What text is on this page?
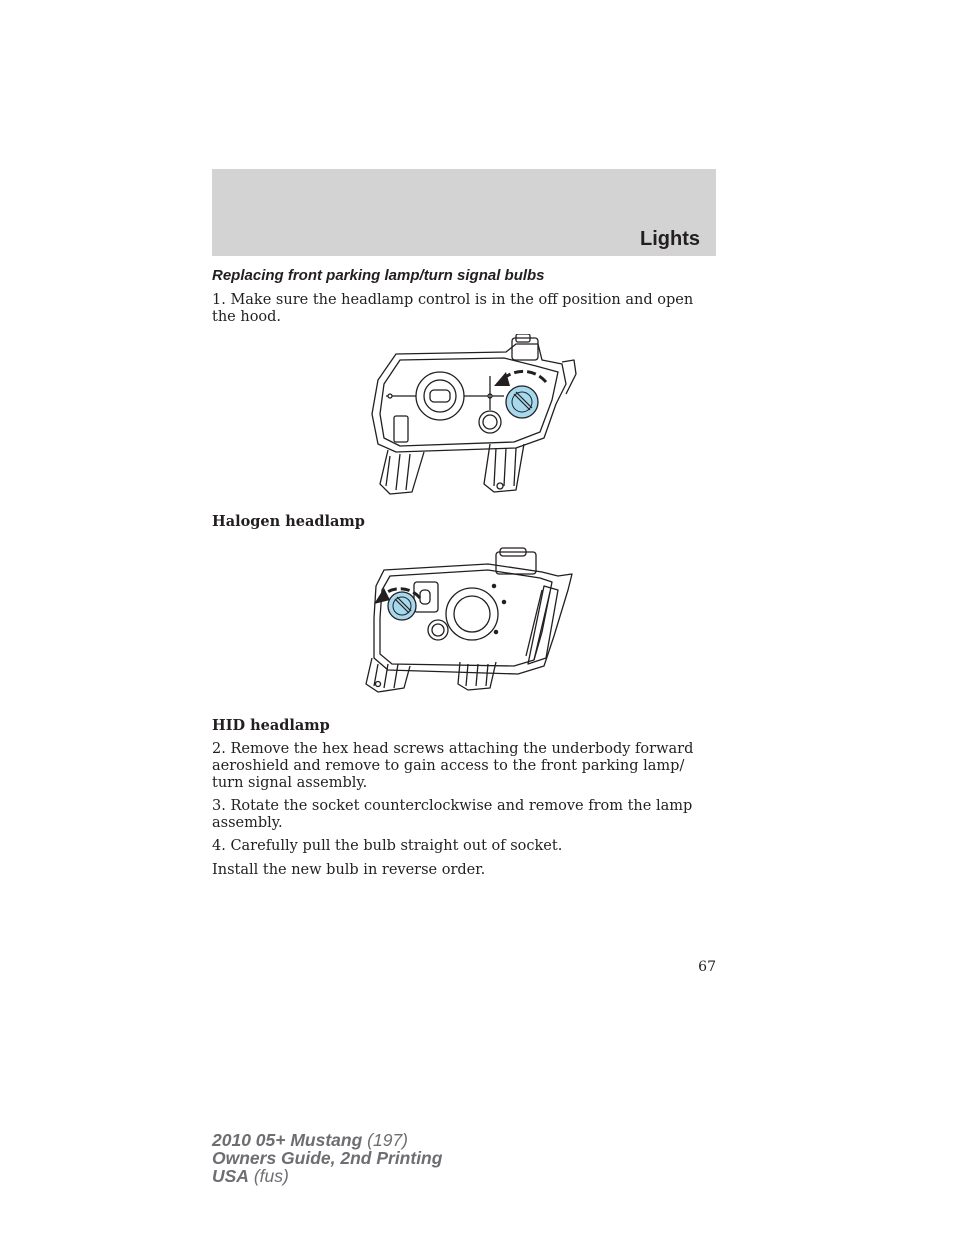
Lights
Replacing front parking lamp/turn signal bulbs

1. Make sure the headlamp control is in the off position and open the hood.

Halogen headlamp

HID headlamp

2. Remove the hex head screws attaching the underbody forward aeroshield and remove to gain access to the front parking lamp/ turn signal assembly.

3. Rotate the socket counterclockwise and remove from the lamp assembly.

4. Carefully pull the bulb straight out of socket.

Install the new bulb in reverse order.

67

2010 05+ Mustang (197)
Owners Guide, 2nd Printing
USA (fus)
